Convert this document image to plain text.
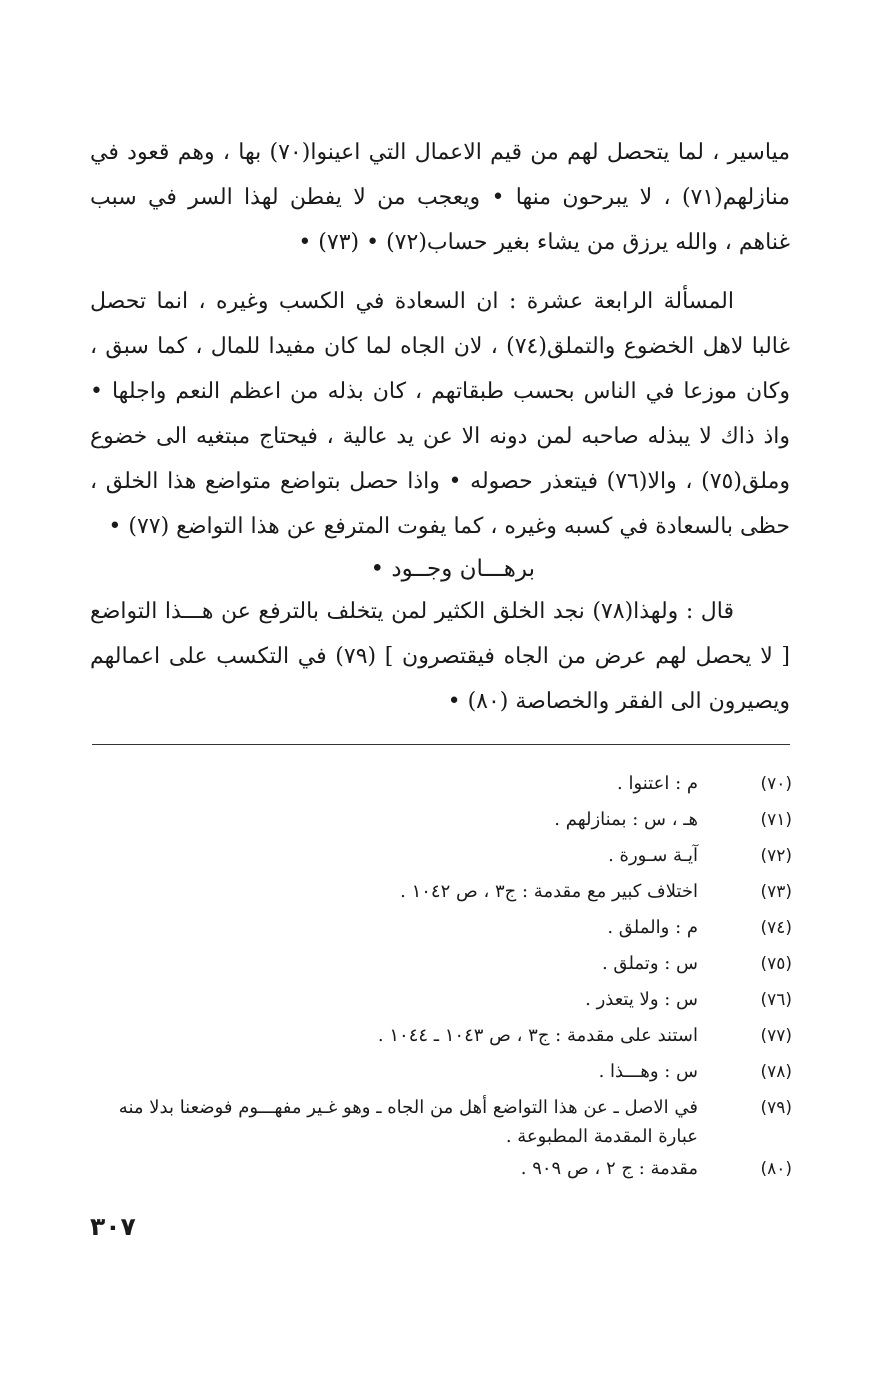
مياسير ، لما يتحصل لهم من قيم الاعمال التي اعينوا(٧٠) بها ، وهم قعود في منازلهم(٧١) ، لا يبرحون منها • ويعجب من لا يفطن لهذا السر في سبب غناهم ، والله يرزق من يشاء بغير حساب(٧٢) • (٧٣) •

المسألة الرابعة عشرة : ان السعادة في الكسب وغيره ، انما تحصل غالبا لاهل الخضوع والتملق(٧٤) ، لان الجاه لما كان مفيدا للمال ، كما سبق ، وكان موزعا في الناس بحسب طبقاتهم ، كان بذله من اعظم النعم واجلها • واذ ذاك لا يبذله صاحبه لمن دونه الا عن يد عالية ، فيحتاج مبتغيه الى خضوع وملق(٧٥) ، والا(٧٦) فيتعذر حصوله • واذا حصل بتواضع متواضع هذا الخلق ، حظى بالسعادة في كسبه وغيره ، كما يفوت المترفع عن هذا التواضع (٧٧) •

برهـــان وجــود •

قال : ولهذا(٧٨) نجد الخلق الكثير لمن يتخلف بالترفع عن هـــذا التواضع [ لا يحصل لهم عرض من الجاه فيقتصرون ] (٧٩) في التكسب على اعمالهم ويصيرون الى الفقر والخصاصة (٨٠) •

(٧٠)
م : اعتنوا .
(٧١)
هـ ، س : بمنازلهم .
(٧٢)
آيـة سـورة .
(٧٣)
اختلاف كبير مع مقدمة : ج٣ ، ص ١٠٤٢ .
(٧٤)
م : والملق .
(٧٥)
س : وتملق .
(٧٦)
س : ولا يتعذر .
(٧٧)
استند على مقدمة : ج٣ ، ص ١٠٤٣ ـ ١٠٤٤ .
(٧٨)
س : وهـــذا .
(٧٩)
في الاصل ـ عن هذا التواضع أهل من الجاه ـ وهو غـير مفهـــوم فوضعنا بدلا منه عبارة المقدمة المطبوعة .
(٨٠)
مقدمة : ج ٢ ، ص ٩٠٩ .
٣٠٧
